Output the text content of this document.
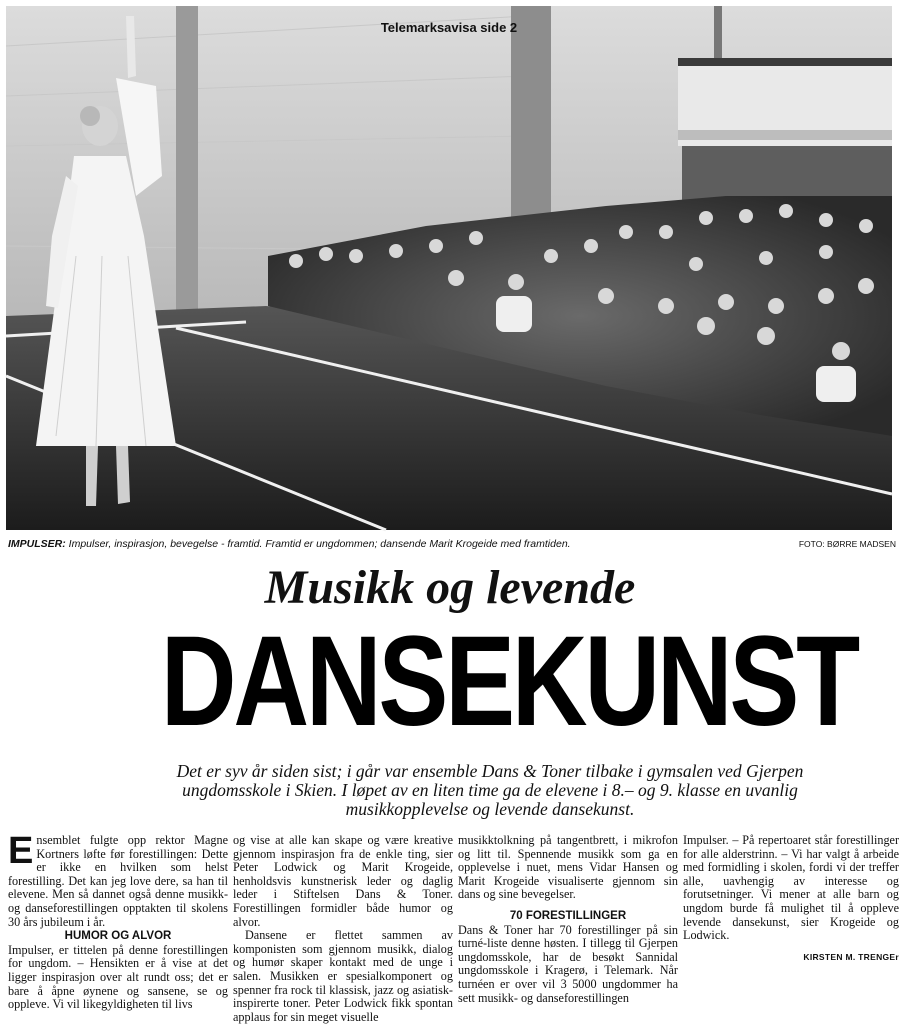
Telemarksavisa side 2
IMPULSER: Impulser, inspirasjon, bevegelse - framtid. Framtid er ungdommen; dansende Marit Krogeide med framtiden.	FOTO: BØRRE MADSEN
Musikk og levende
DANSEKUNST
Det er syv år siden sist; i går var ensemble Dans & Toner tilbake i gymsalen ved Gjerpen ungdomsskole i Skien. I løpet av en liten time ga de elevene i 8.– og 9. klasse en uvanlig musikkopplevelse og levende dansekunst.

Ensemblet fulgte opp rektor Magne Kortners løfte før forestillingen: Dette er ikke en hvilken som helst forestilling. Det kan jeg love dere, sa han til elevene. Men så dannet også denne musikk- og danseforestillingen opptakten til skolens 30 års jubileum i år.

HUMOR OG ALVOR

Impulser, er tittelen på denne forestillingen for ungdom. – Hensikten er å vise at det ligger inspirasjon over alt rundt oss; det er bare å åpne øynene og sansene, se og oppleve. Vi vil likegyldigheten til livs

og vise at alle kan skape og være kreative gjennom inspirasjon fra de enkle ting, sier Peter Lodwick og Marit Krogeide, henholdsvis kunstnerisk leder og daglig leder i Stiftelsen Dans & Toner. Forestillingen formidler både humor og alvor.

Dansene er flettet sammen av komponisten som gjennom musikk, dialog og humør skaper kontakt med de unge i salen. Musikken er spesialkomponert og spenner fra rock til klassisk, jazz og asiatisk-inspirerte toner. Peter Lodwick fikk spontan applaus for sin meget visuelle

musikktolkning på tangentbrett, i mikrofon og litt til. Spennende musikk som ga en opplevelse i nuet, mens Vidar Hansen og Marit Krogeide visualiserte gjennom sin dans og sine bevegelser.

70 FORESTILLINGER

Dans & Toner har 70 forestillinger på sin turné-liste denne høsten. I tillegg til Gjerpen ungdomsskole, har de besøkt Sannidal ungdomsskole i Kragerø, i Telemark. Når turnéen er over vil 3 5000 ungdommer ha sett musikk- og danseforestillingen

Impulser. – På repertoaret står forestillinger for alle alderstrinn. – Vi har valgt å arbeide med formidling i skolen, fordi vi der treffer alle, uavhengig av interesse og forutsetninger. Vi mener at alle barn og ungdom burde få mulighet til å oppleve levende dansekunst, sier Krogeide og Lodwick.

KIRSTEN M. TRENGEr
